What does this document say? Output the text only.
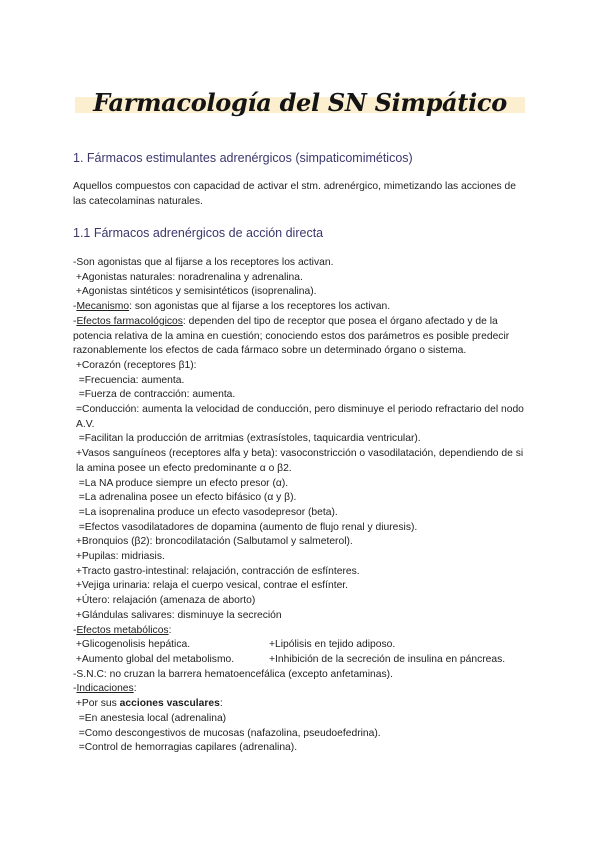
Farmacología del SN Simpático
1. Fármacos estimulantes adrenérgicos (simpaticomiméticos)
Aquellos compuestos con capacidad de activar el stm. adrenérgico, mimetizando las acciones de las catecolaminas naturales.
1.1 Fármacos adrenérgicos de acción directa
-Son agonistas que al fijarse a los receptores los activan.
+Agonistas naturales: noradrenalina y adrenalina.
+Agonistas sintéticos y semisintéticos (isoprenalina).
-Mecanismo: son agonistas que al fijarse a los receptores los activan.
-Efectos farmacológicos: dependen del tipo de receptor que posea el órgano afectado y de la potencia relativa de la amina en cuestión; conociendo estos dos parámetros es posible predecir razonablemente los efectos de cada fármaco sobre un determinado órgano o sistema.
+Corazón (receptores β1):
=Frecuencia: aumenta.
=Fuerza de contracción: aumenta.
=Conducción: aumenta la velocidad de conducción, pero disminuye el periodo refractario del nodo A.V.
=Facilitan la producción de arritmias (extrasístoles, taquicardia ventricular).
+Vasos sanguíneos (receptores alfa y beta): vasoconstricción o vasodilatación, dependiendo de si la amina posee un efecto predominante α o β2.
=La NA produce siempre un efecto presor (α).
=La adrenalina posee un efecto bifásico (α y β).
=La isoprenalina produce un efecto vasodepresor (beta).
=Efectos vasodilatadores de dopamina (aumento de flujo renal y diuresis).
+Bronquios (β2): broncodilatación (Salbutamol y salmeterol).
+Pupilas: midriasis.
+Tracto gastro-intestinal: relajación, contracción de esfínteres.
+Vejiga urinaria: relaja el cuerpo vesical, contrae el esfínter.
+Útero: relajación (amenaza de aborto)
+Glándulas salivares: disminuye la secreción
-Efectos metabólicos:
+Glicogenolisis hepática.	+Lipólisis en tejido adiposo.
+Aumento global del metabolismo.	+Inhibición de la secreción de insulina en páncreas.
-S.N.C: no cruzan la barrera hematoencefálica (excepto anfetaminas).
-Indicaciones:
+Por sus acciones vasculares:
=En anestesia local (adrenalina)
=Como descongestivos de mucosas (nafazolina, pseudoefedrina).
=Control de hemorragias capilares (adrenalina).
